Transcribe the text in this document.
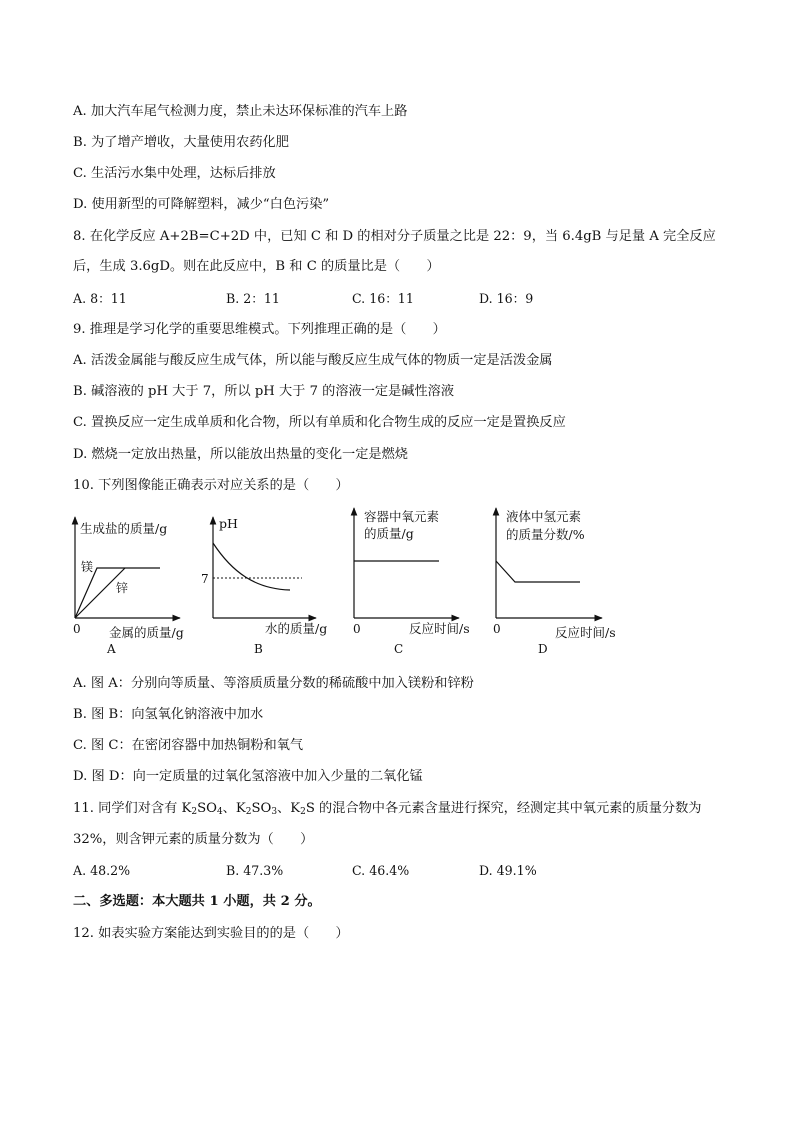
A. 加大汽车尾气检测力度，禁止未达环保标准的汽车上路
B. 为了增产增收，大量使用农药化肥
C. 生活污水集中处理，达标后排放
D. 使用新型的可降解塑料，减少“白色污染”
8. 在化学反应 A+2B=C+2D 中，已知 C 和 D 的相对分子质量之比是 22：9，当 6.4gB 与足量 A 完全反应
后，生成 3.6gD。则在此反应中，B 和 C 的质量比是（　　）
A. 8：11	B. 2：11	C. 16：11	D. 16：9
9. 推理是学习化学的重要思维模式。下列推理正确的是（　　）
A. 活泼金属能与酸反应生成气体，所以能与酸反应生成气体的物质一定是活泼金属
B. 碱溶液的 pH 大于 7，所以 pH 大于 7 的溶液一定是碱性溶液
C. 置换反应一定生成单质和化合物，所以有单质和化合物生成的反应一定是置换反应
D. 燃烧一定放出热量，所以能放出热量的变化一定是燃烧
10. 下列图像能正确表示对应关系的是（　　）
生成盐的质量/g
0 金属的质量/g
A
镁
锌
pH
7
水的质量/g
B
容器中氧元素
的质量/g
0	反应时间/s
C
液体中氢元素
的质量分数/%
0	反应时间/s
D
A. 图 A：分别向等质量、等溶质质量分数的稀硫酸中加入镁粉和锌粉
B. 图 B：向氢氧化钠溶液中加水
C. 图 C：在密闭容器中加热铜粉和氧气
D. 图 D：向一定质量的过氧化氢溶液中加入少量的二氧化锰
11. 同学们对含有 $K_2SO_4$、$K_2SO_3$、$K_2S$ 的混合物中各元素含量进行探究，经测定其中氧元素的质量分数为
32%，则含钾元素的质量分数为（　　）
A. 48.2%	B. 47.3%	C. 46.4%	D. 49.1%
二、多选题：本大题共 1 小题，共 2 分。
12. 如表实验方案能达到实验目的的是（　　）
